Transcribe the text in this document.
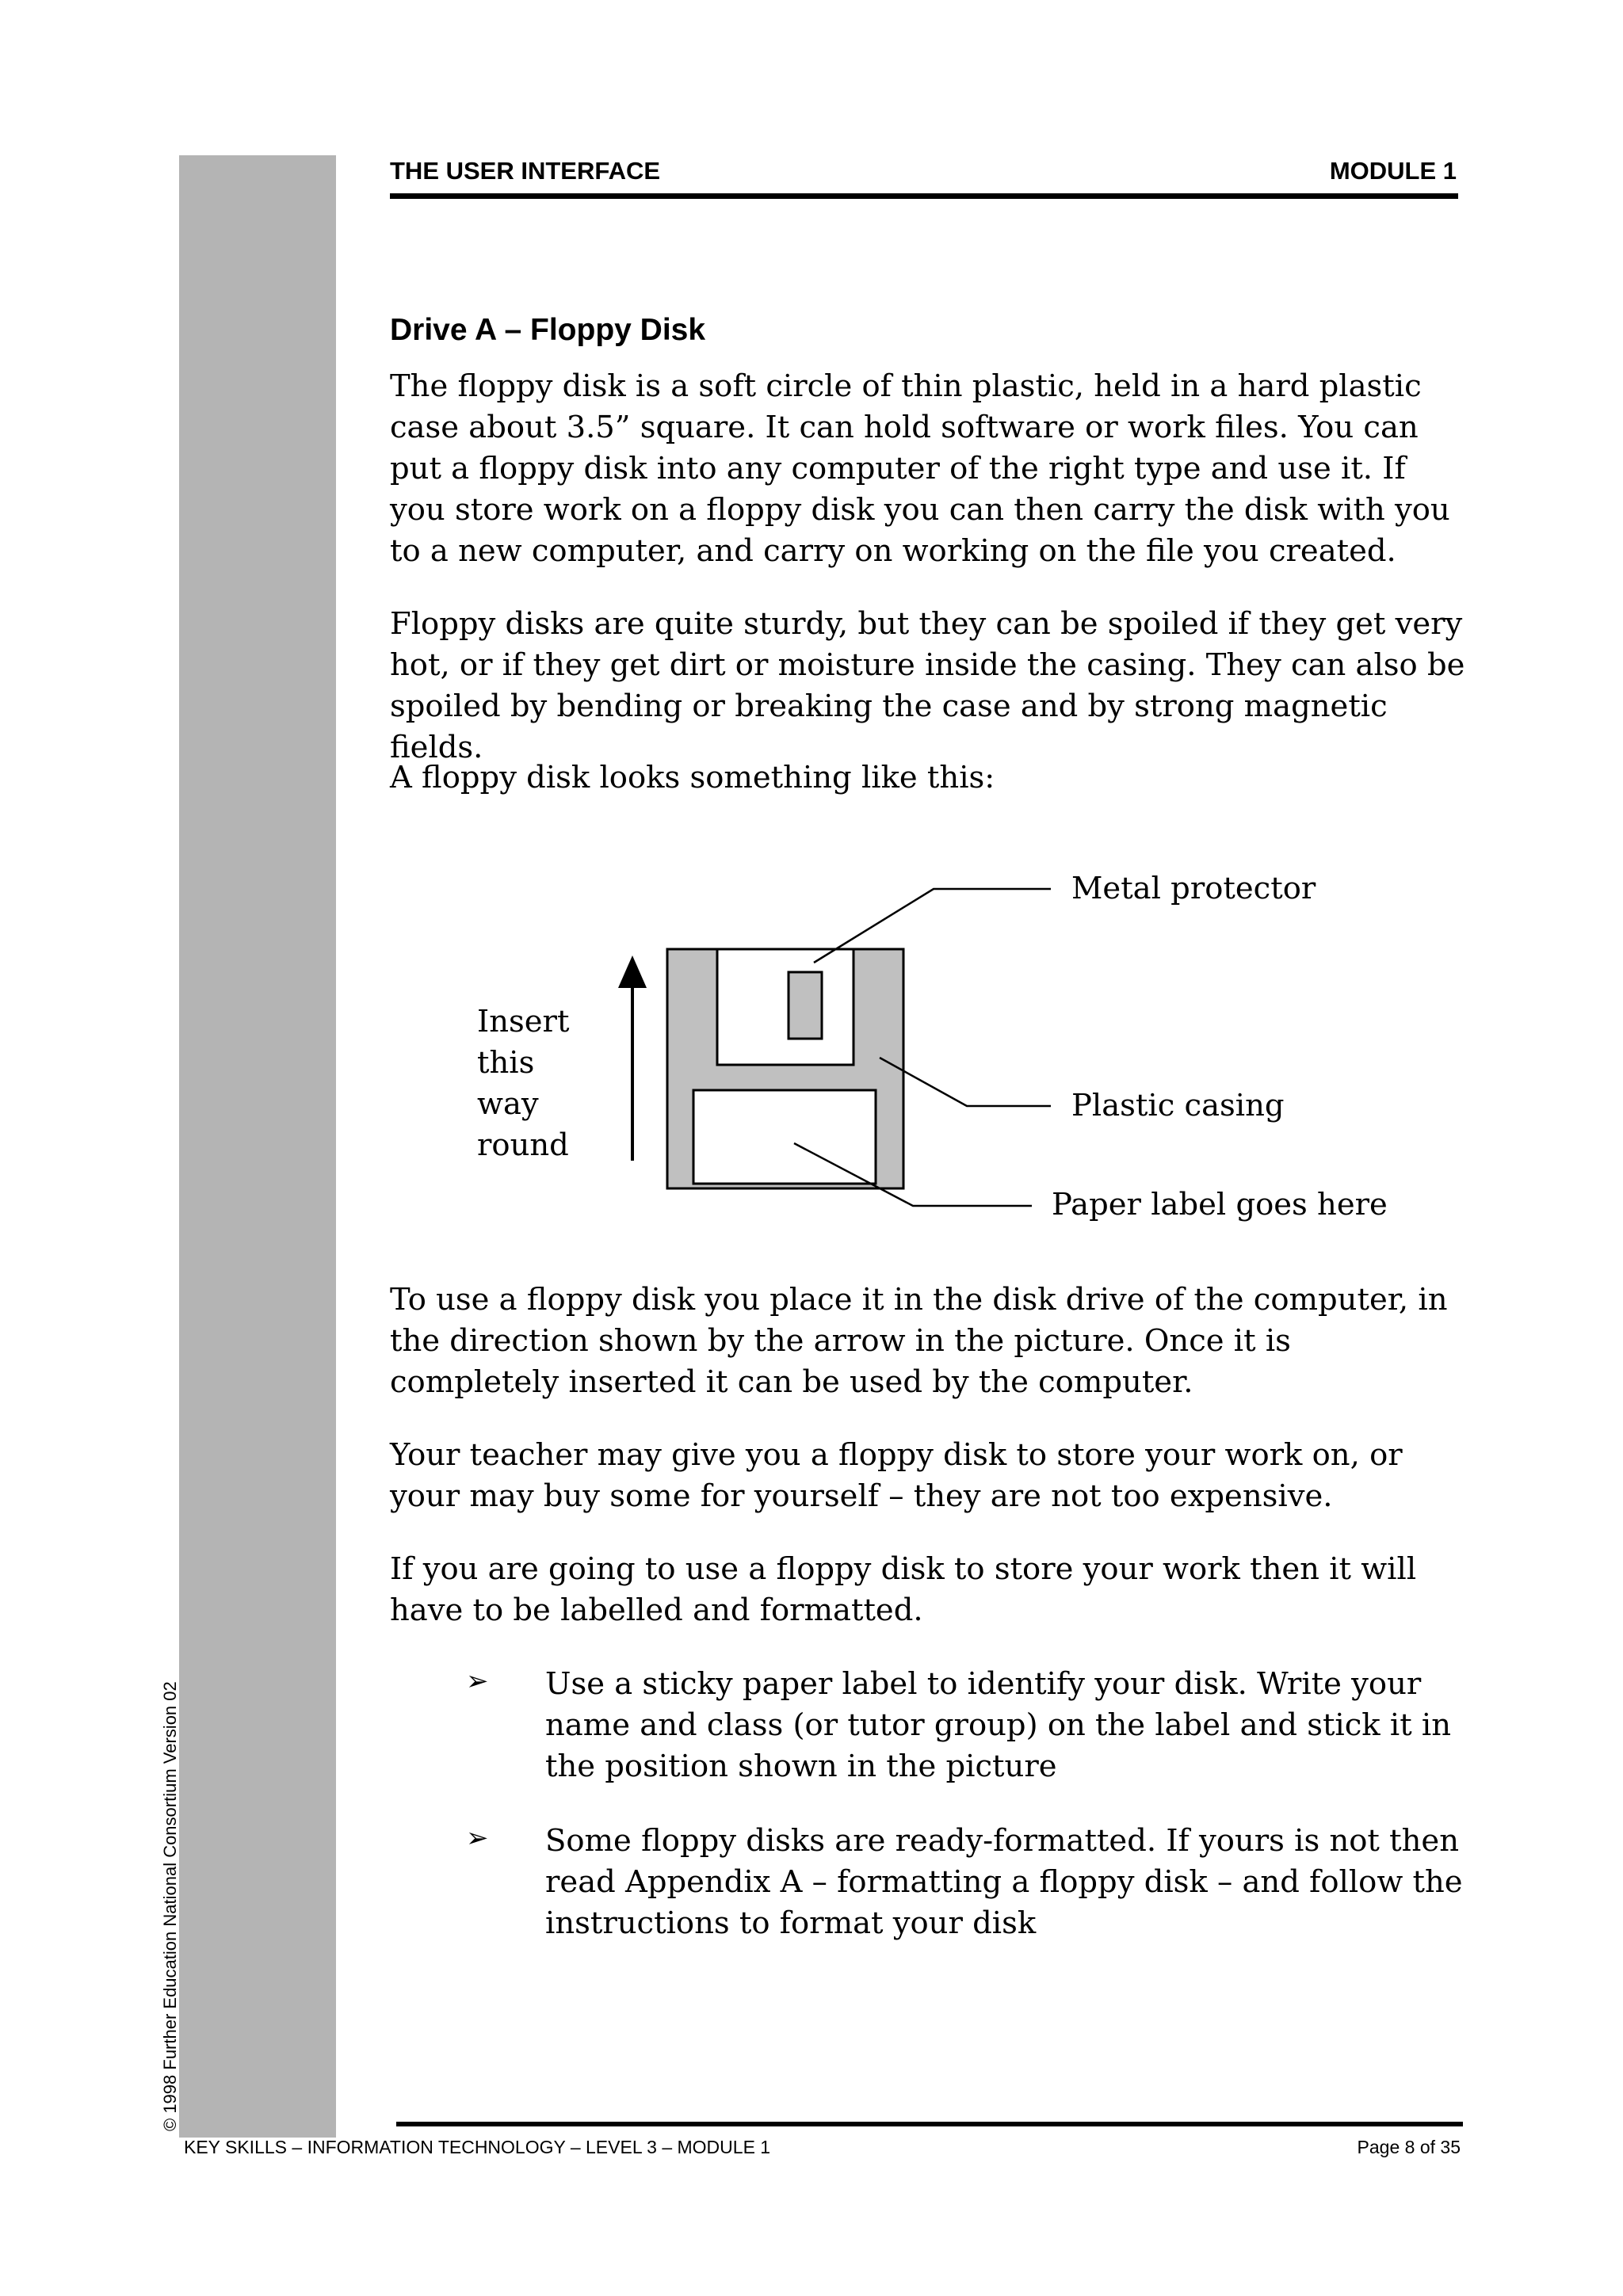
© 1998 Further Education National Consortium Version 02
THE USER INTERFACE	MODULE 1
Drive A – Floppy Disk

The floppy disk is a soft circle of thin plastic, held in a hard plastic case about 3.5” square. It can hold software or work files. You can put a floppy disk into any computer of the right type and use it. If you store work on a floppy disk you can then carry the disk with you to a new computer, and carry on working on the file you created.

Floppy disks are quite sturdy, but they can be spoiled if they get very hot, or if they get dirt or moisture inside the casing. They can also be spoiled by bending or breaking the case and by strong magnetic fields.

A floppy disk looks something like this:

Insert
this
way
round
Metal protector
Plastic casing
Paper label goes here

To use a floppy disk you place it in the disk drive of the computer, in the direction shown by the arrow in the picture. Once it is completely inserted it can be used by the computer.

Your teacher may give you a floppy disk to store your work on, or your may buy some for yourself – they are not too expensive.

If you are going to use a floppy disk to store your work then it will have to be labelled and formatted.

➢ Use a sticky paper label to identify your disk. Write your name and class (or tutor group) on the label and stick it in the position shown in the picture

➢ Some floppy disks are ready-formatted. If yours is not then read Appendix A – formatting a floppy disk – and follow the instructions to format your disk

KEY SKILLS – INFORMATION TECHNOLOGY – LEVEL 3 – MODULE 1	Page 8 of 35
